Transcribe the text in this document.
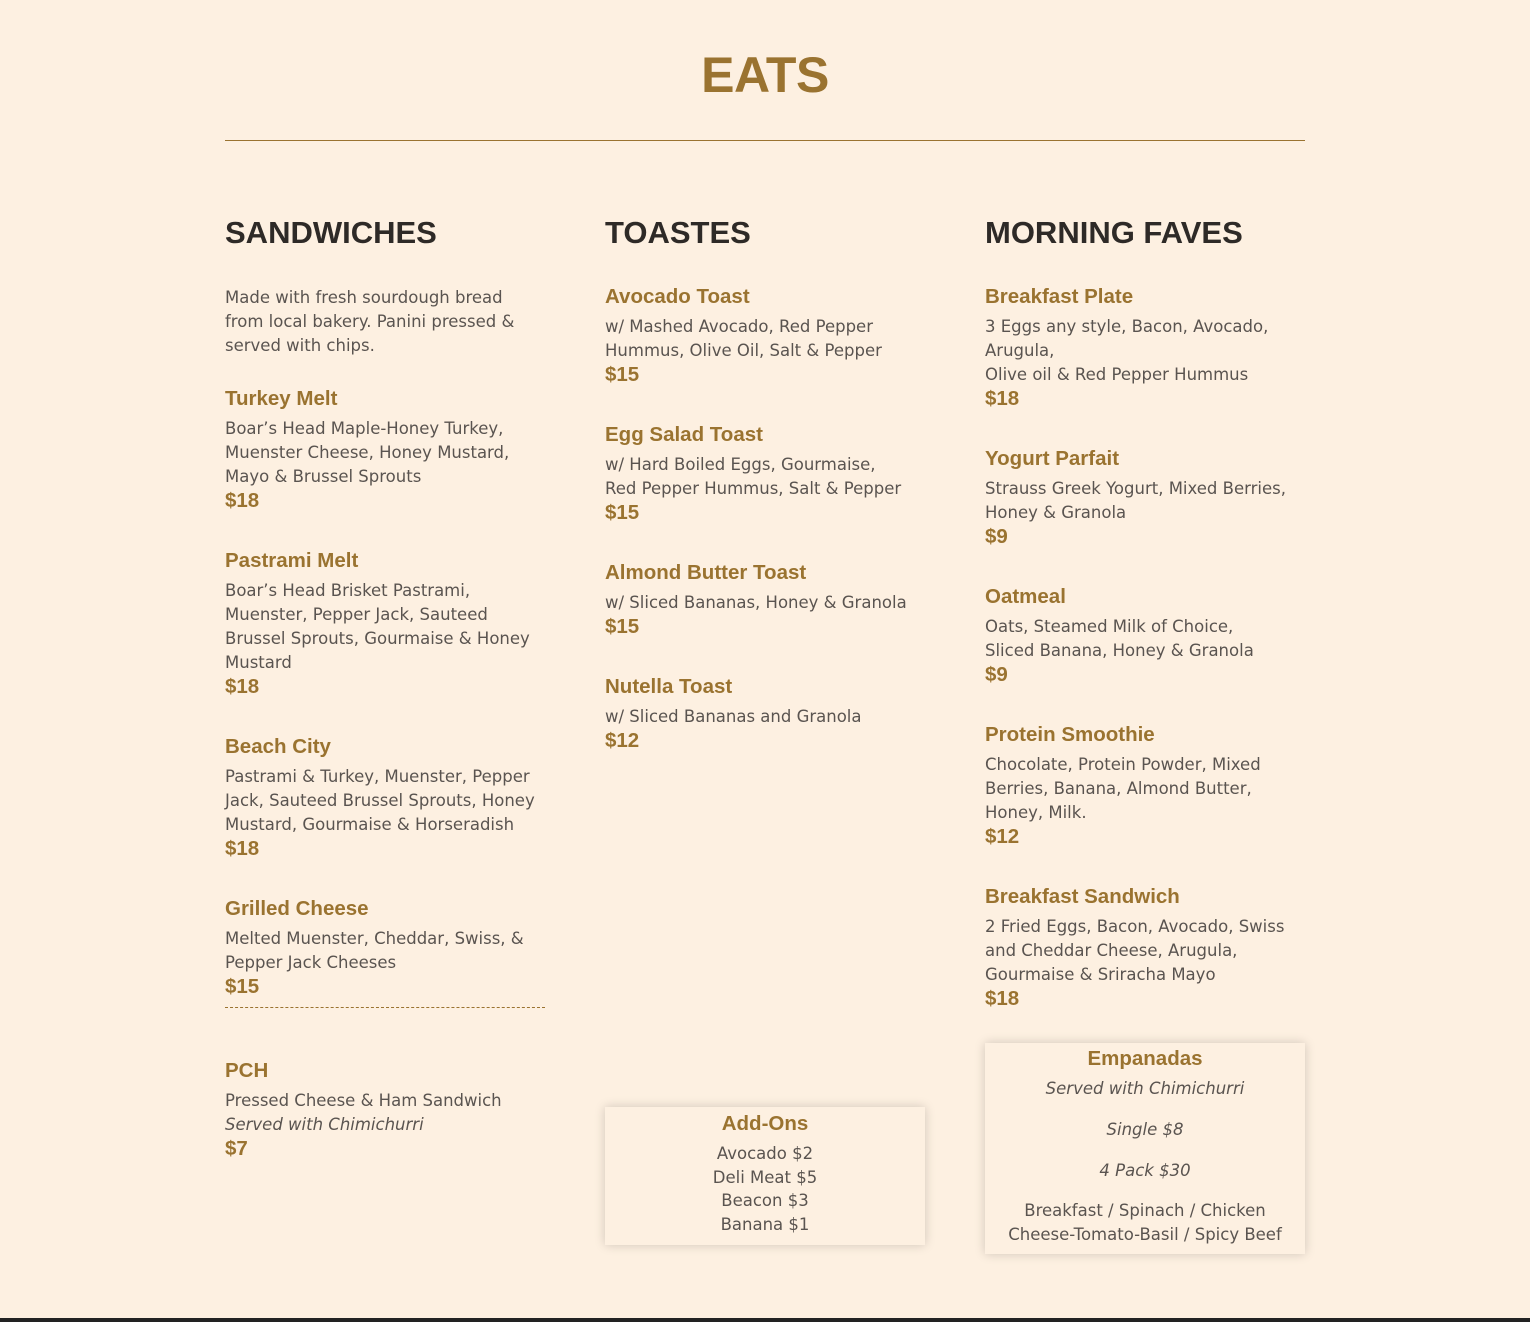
EATS
SANDWICHES
Made with fresh sourdough bread from local bakery. Panini pressed & served with chips.
Turkey Melt
Boar’s Head Maple-Honey Turkey, Muenster Cheese, Honey Mustard, Mayo & Brussel Sprouts
$18
Pastrami Melt
Boar’s Head Brisket Pastrami, Muenster, Pepper Jack, Sauteed Brussel Sprouts, Gourmaise & Honey Mustard
$18
Beach City
Pastrami & Turkey, Muenster, Pepper Jack, Sauteed Brussel Sprouts, Honey Mustard, Gourmaise & Horseradish
$18
Grilled Cheese
Melted Muenster, Cheddar, Swiss, & Pepper Jack Cheeses
$15
PCH
Pressed Cheese & Ham Sandwich
Served with Chimichurri
$7
TOASTES
Avocado Toast
w/ Mashed Avocado, Red Pepper
Hummus, Olive Oil, Salt & Pepper
$15
Egg Salad Toast
w/ Hard Boiled Eggs, Gourmaise,
Red Pepper Hummus, Salt & Pepper
$15
Almond Butter Toast
w/ Sliced Bananas, Honey & Granola
$15
Nutella Toast
w/ Sliced Bananas and Granola
$12
MORNING FAVES
Breakfast Plate
3 Eggs any style, Bacon, Avocado, Arugula,
Olive oil & Red Pepper Hummus
$18
Yogurt Parfait
Strauss Greek Yogurt, Mixed Berries, Honey & Granola
$9
Oatmeal
Oats, Steamed Milk of Choice,
Sliced Banana, Honey & Granola
$9
Protein Smoothie
Chocolate, Protein Powder, Mixed Berries, Banana, Almond Butter, Honey, Milk.
$12
Breakfast Sandwich
2 Fried Eggs, Bacon, Avocado, Swiss and Cheddar Cheese, Arugula, Gourmaise & Sriracha Mayo
$18
Add-Ons
Avocado $2
Deli Meat $5
Beacon $3
Banana $1
Empanadas
Served with Chimichurri
Single $8
4 Pack $30
Breakfast / Spinach / Chicken
Cheese-Tomato-Basil / Spicy Beef
